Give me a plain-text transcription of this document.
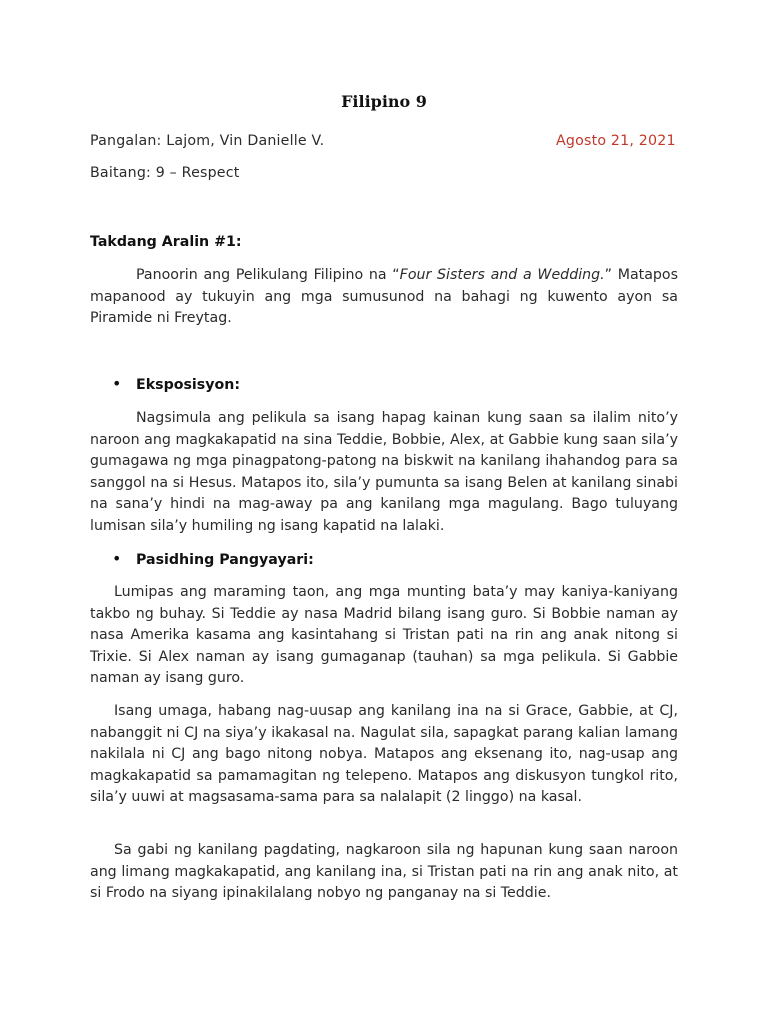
Filipino 9
Pangalan: Lajom, Vin Danielle V.	Agosto 21, 2021
Baitang: 9 – Respect
Takdang Aralin #1:

Panoorin ang Pelikulang Filipino na “Four Sisters and a Wedding.” Matapos mapanood ay tukuyin ang mga sumusunod na bahagi ng kuwento ayon sa Piramide ni Freytag.

• Eksposisyon:

Nagsimula ang pelikula sa isang hapag kainan kung saan sa ilalim nito’y naroon ang magkakapatid na sina Teddie, Bobbie, Alex, at Gabbie kung saan sila’y gumagawa ng mga pinagpatong-patong na biskwit na kanilang ihahandog para sa sanggol na si Hesus. Matapos ito, sila’y pumunta sa isang Belen at kanilang sinabi na sana’y hindi na mag-away pa ang kanilang mga magulang. Bago tuluyang lumisan sila’y humiling ng isang kapatid na lalaki.

• Pasidhing Pangyayari:

Lumipas ang maraming taon, ang mga munting bata’y may kaniya-kaniyang takbo ng buhay. Si Teddie ay nasa Madrid bilang isang guro. Si Bobbie naman ay nasa Amerika kasama ang kasintahang si Tristan pati na rin ang anak nitong si Trixie. Si Alex naman ay isang gumaganap (tauhan) sa mga pelikula. Si Gabbie naman ay isang guro.

Isang umaga, habang nag-uusap ang kanilang ina na si Grace, Gabbie, at CJ, nabanggit ni CJ na siya’y ikakasal na. Nagulat sila, sapagkat parang kalian lamang nakilala ni CJ ang bago nitong nobya. Matapos ang eksenang ito, nag-usap ang magkakapatid sa pamamagitan ng telepeno. Matapos ang diskusyon tungkol rito, sila’y uuwi at magsasama-sama para sa nalalapit (2 linggo) na kasal.

Sa gabi ng kanilang pagdating, nagkaroon sila ng hapunan kung saan naroon ang limang magkakapatid, ang kanilang ina, si Tristan pati na rin ang anak nito, at si Frodo na siyang ipinakilalang nobyo ng panganay na si Teddie.
